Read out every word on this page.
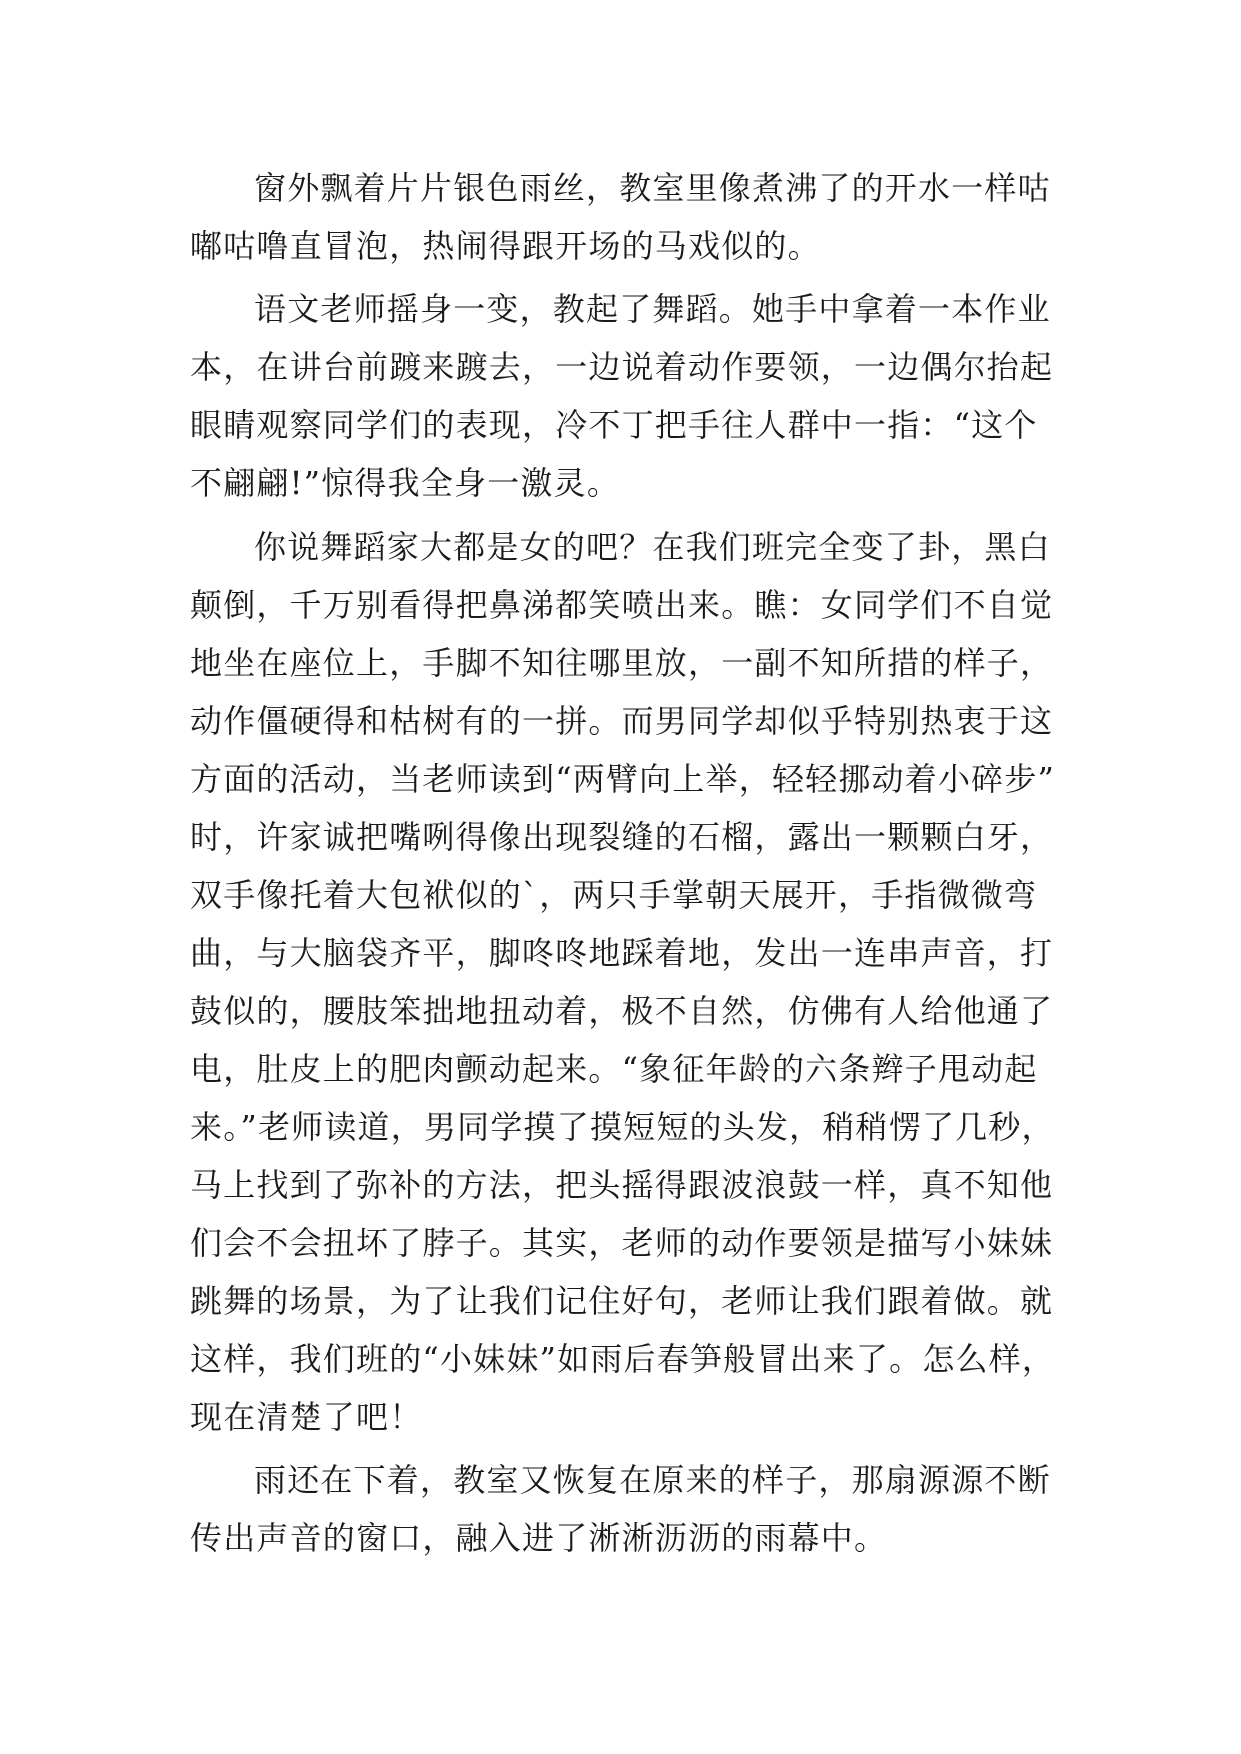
窗外飘着片片银色雨丝，教室里像煮沸了的开水一样咕
嘟咕噜直冒泡，热闹得跟开场的马戏似的。
语文老师摇身一变，教起了舞蹈。她手中拿着一本作业
本，在讲台前踱来踱去，一边说着动作要领，一边偶尔抬起
眼睛观察同学们的表现，冷不丁把手往人群中一指：“这个
不翩翩!”惊得我全身一激灵。
你说舞蹈家大都是女的吧？在我们班完全变了卦，黑白
颠倒，千万别看得把鼻涕都笑喷出来。瞧：女同学们不自觉
地坐在座位上，手脚不知往哪里放，一副不知所措的样子，
动作僵硬得和枯树有的一拼。而男同学却似乎特别热衷于这
方面的活动，当老师读到“两臂向上举，轻轻挪动着小碎步”
时，许家诚把嘴咧得像出现裂缝的石榴，露出一颗颗白牙，
双手像托着大包袱似的`，两只手掌朝天展开，手指微微弯
曲，与大脑袋齐平，脚咚咚地踩着地，发出一连串声音，打
鼓似的，腰肢笨拙地扭动着，极不自然，仿佛有人给他通了
电，肚皮上的肥肉颤动起来。“象征年龄的六条辫子甩动起
来。”老师读道，男同学摸了摸短短的头发，稍稍愣了几秒，
马上找到了弥补的方法，把头摇得跟波浪鼓一样，真不知他
们会不会扭坏了脖子。其实，老师的动作要领是描写小妹妹
跳舞的场景，为了让我们记住好句，老师让我们跟着做。就
这样，我们班的“小妹妹”如雨后春笋般冒出来了。怎么样，
现在清楚了吧！
雨还在下着，教室又恢复在原来的样子，那扇源源不断
传出声音的窗口，融入进了淅淅沥沥的雨幕中。
